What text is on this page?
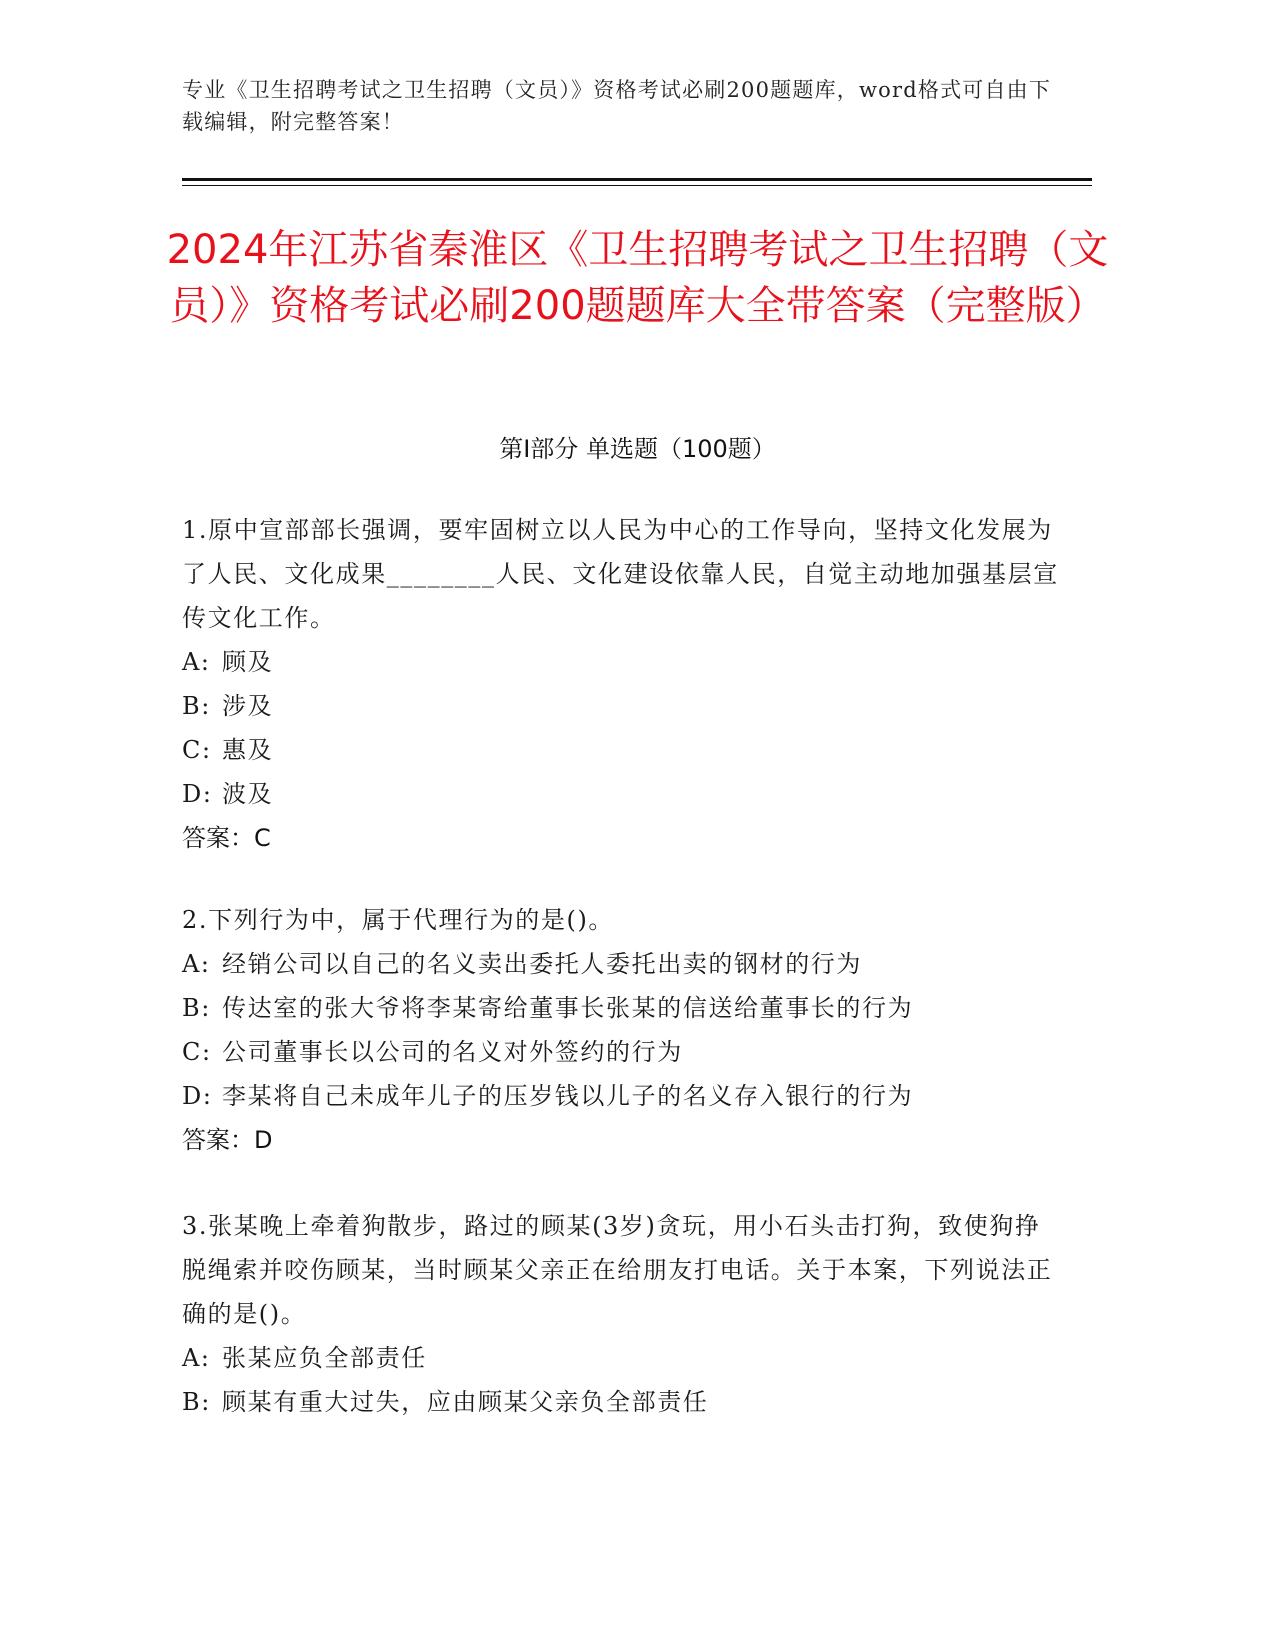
专业《卫生招聘考试之卫生招聘（文员）》资格考试必刷200题题库，word格式可自由下载编辑，附完整答案！
2024年江苏省秦淮区《卫生招聘考试之卫生招聘（文员）》资格考试必刷200题题库大全带答案（完整版）
第Ⅰ部分 单选题（100题）

1.原中宣部部长强调，要牢固树立以人民为中心的工作导向，坚持文化发展为了人民、文化成果________人民、文化建设依靠人民，自觉主动地加强基层宣传文化工作。

A: 顾及

B: 涉及

C: 惠及

D: 波及

答案：C

2.下列行为中，属于代理行为的是()。

A: 经销公司以自己的名义卖出委托人委托出卖的钢材的行为

B: 传达室的张大爷将李某寄给董事长张某的信送给董事长的行为

C: 公司董事长以公司的名义对外签约的行为

D: 李某将自己未成年儿子的压岁钱以儿子的名义存入银行的行为

答案：D

3.张某晚上牵着狗散步，路过的顾某(3岁)贪玩，用小石头击打狗，致使狗挣脱绳索并咬伤顾某，当时顾某父亲正在给朋友打电话。关于本案，下列说法正确的是()。

A: 张某应负全部责任

B: 顾某有重大过失，应由顾某父亲负全部责任
